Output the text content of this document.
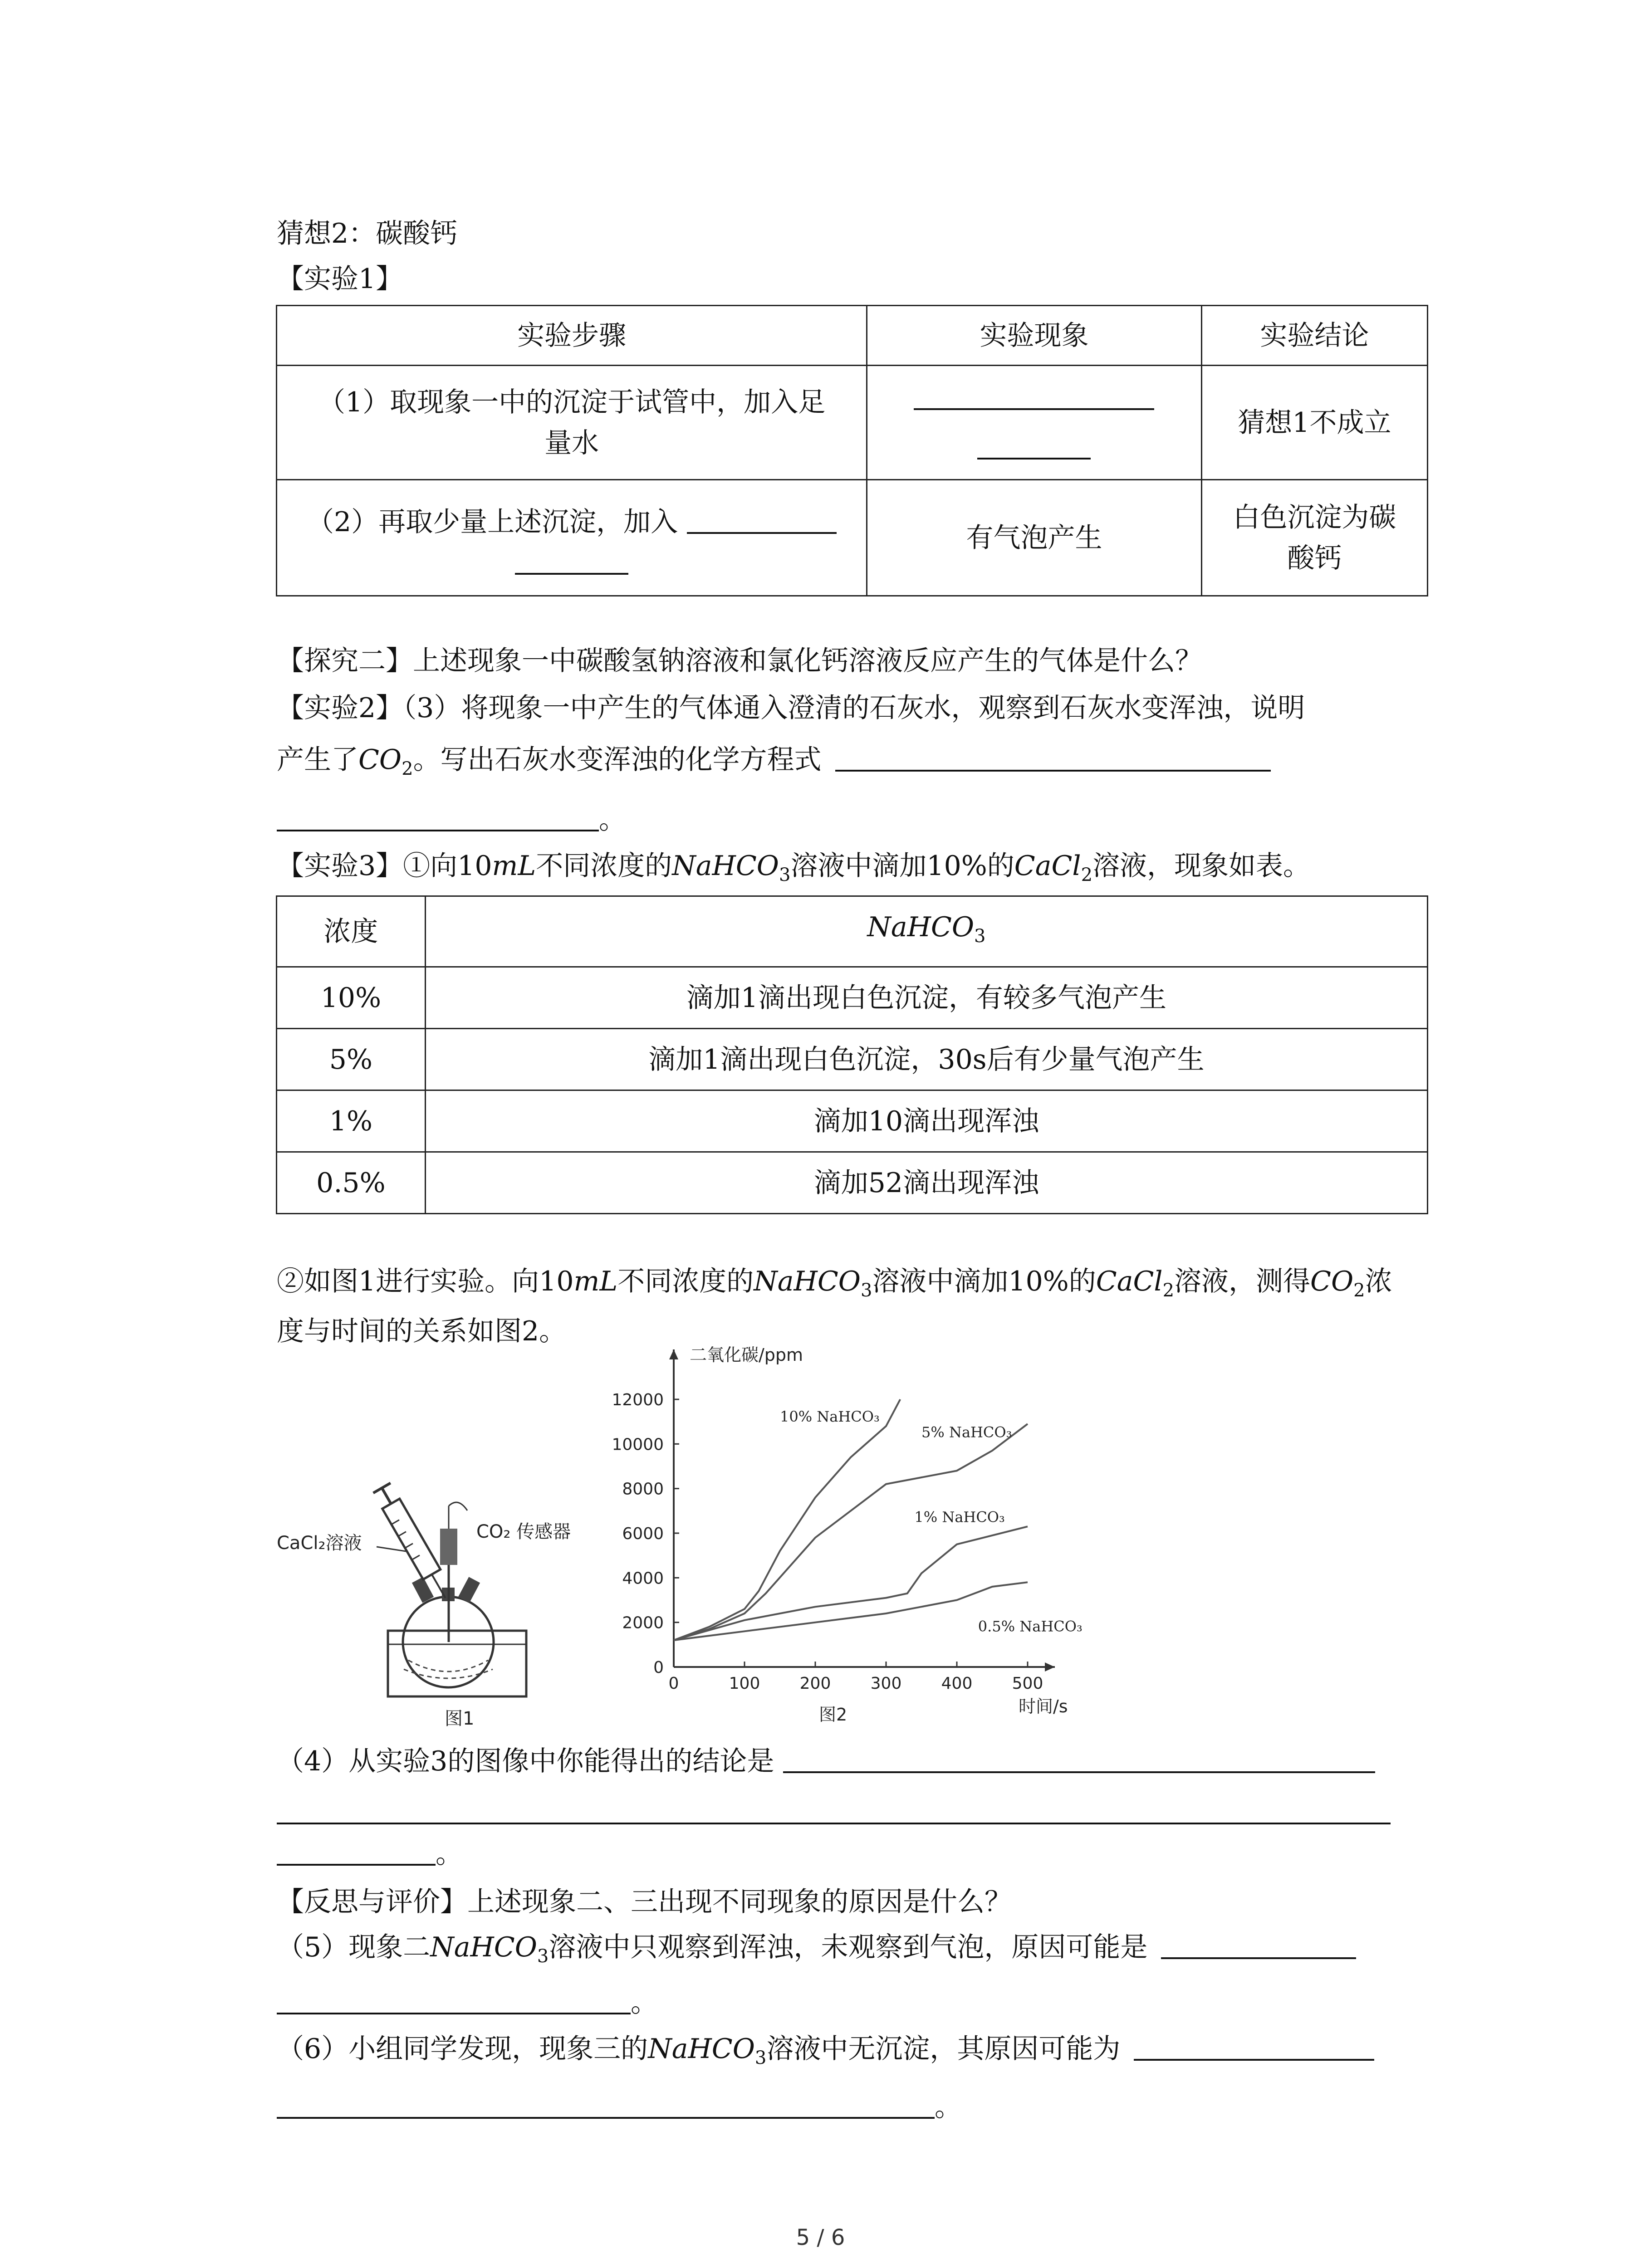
猜想2：碳酸钙
【实验1】
实验步骤	实验现象	实验结论

（1）取现象一中的沉淀于试管中，加入足
量水		猜想1不成立

（2）再取少量上述沉淀，加入	有气泡产生	白色沉淀为碳
酸钙
【探究二】上述现象一中碳酸氢钠溶液和氯化钙溶液反应产生的气体是什么？
【实验2】（3）将现象一中产生的气体通入澄清的石灰水，观察到石灰水变浑浊，说明
产生了$CO_2$。写出石灰水变浑浊的化学方程式
。
【实验3】①向10mL不同浓度的NaHCO$_3$溶液中滴加10%的CaCl$_2$溶液，现象如表。
浓度	NaHCO$_3$
10%	滴加1滴出现白色沉淀，有较多气泡产生
5%	滴加1滴出现白色沉淀，30s后有少量气泡产生
1%	滴加10滴出现浑浊
0.5%	滴加52滴出现浑浊
②如图1进行实验。向10mL不同浓度的NaHCO$_3$溶液中滴加10%的CaCl$_2$溶液，测得$CO_2$浓
度与时间的关系如图2。
CaCl₂溶液
CO₂ 传感器
图1
0	100 200 300 400 500
0
2000
4000
6000
8000
10000
12000
二氧化碳/ppm
时间/s
图2
10% NaHCO₃
5% NaHCO₃
1% NaHCO₃
0.5% NaHCO₃
（4）从实验3的图像中你能得出的结论是
。
【反思与评价】上述现象二、三出现不同现象的原因是什么？
（5）现象二NaHCO$_3$溶液中只观察到浑浊，未观察到气泡，原因可能是
。
（6）小组同学发现，现象三的NaHCO$_3$溶液中无沉淀，其原因可能为
。
5 / 6
